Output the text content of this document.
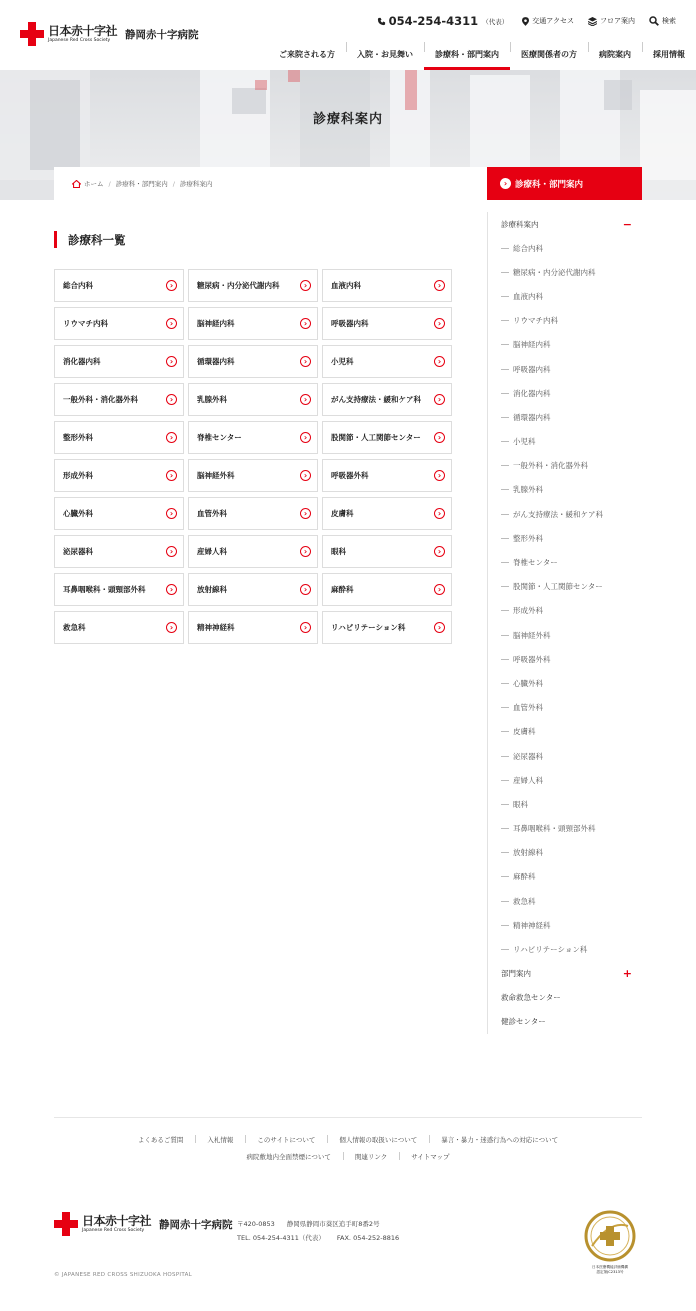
日本赤十字社
Japanese Red Cross Society	静岡赤十字病院
054-254-4311 （代表）	交通アクセス	フロア案内	検索
ご来院される方	入院・お見舞い	診療科・部門案内	医療関係者の方	病院案内	採用情報
診療科案内
ホーム / 診療科・部門案内 / 診療科案内	› 診療科・部門案内
診療科一覧
総合内科	›	糖尿病・内分泌代謝内科	›	血液内科	›
リウマチ内科	›	脳神経内科	›	呼吸器内科	›
消化器内科	›	循環器内科	›	小児科	›
一般外科・消化器外科	›	乳腺外科	›	がん支持療法・緩和ケア科	›
整形外科	›	脊椎センター	›	股関節・人工関節センター	›
形成外科	›	脳神経外科	›	呼吸器外科	›
心臓外科	›	血管外科	›	皮膚科	›
泌尿器科	›	産婦人科	›	眼科	›
耳鼻咽喉科・頭頸部外科	›	放射線科	›	麻酔科	›
救急科	›	精神神経科	›	リハビリテーション科	›
診療科案内	−
総合内科
糖尿病・内分泌代謝内科
血液内科
リウマチ内科
脳神経内科
呼吸器内科
消化器内科
循環器内科
小児科
一般外科・消化器外科
乳腺外科
がん支持療法・緩和ケア科
整形外科
脊椎センター
股関節・人工関節センター
形成外科
脳神経外科
呼吸器外科
心臓外科
血管外科
皮膚科
泌尿器科
産婦人科
眼科
耳鼻咽喉科・頭頸部外科
放射線科
麻酔科
救急科
精神神経科
リハビリテーション科
部門案内	+
救命救急センター
健診センター
よくあるご質問	入札情報	このサイトについて	個人情報の取扱いについて	暴言・暴力・迷惑行為への対応について
病院敷地内全面禁煙について	関連リンク	サイトマップ
日本赤十字社
Japanese Red Cross Society	静岡赤十字病院 〒420-0853 静岡県静岡市葵区追手町8番2号
TEL. 054-254-4311（代表） FAX. 054-252-8816
日本医療機能評価機構
認定第JC2313号
© JAPANESE RED CROSS SHIZUOKA HOSPITAL
